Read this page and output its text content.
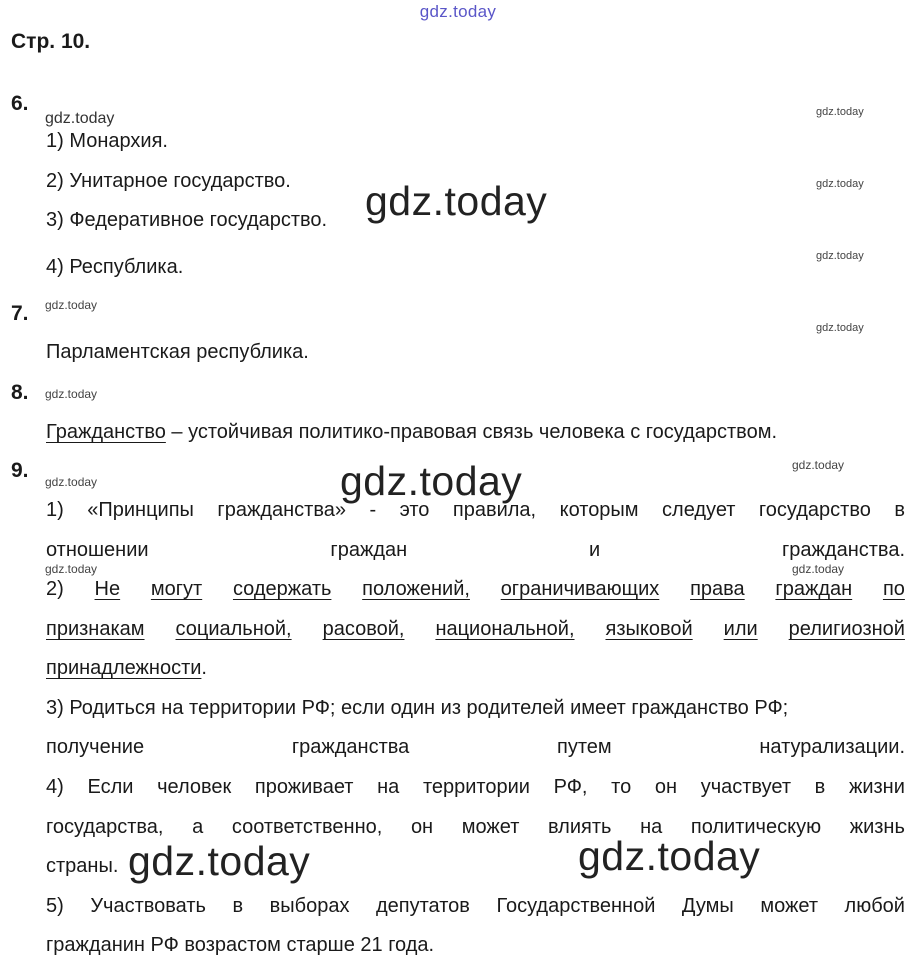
gdz.today
Стр. 10.
6.
1) Монархия.
2) Унитарное государство.
3) Федеративное государство.
4) Республика.
7.
Парламентская республика.
8.
Гражданство – устойчивая политико-правовая связь человека с государством.
9.
1) «Принципы гражданства» - это правила, которым следует государство в
отношении	граждан	и	гражданства.
2) Не могут содержать положений, ограничивающих права граждан по
признакам социальной, расовой, национальной, языковой или религиозной
принадлежности.
3) Родиться на территории РФ; если один из родителей имеет гражданство РФ;
получение	гражданства	путем	натурализации.
4) Если человек проживает на территории РФ, то он участвует в жизни
государства, а соответственно, он может влиять на политическую жизнь
страны.
5) Участвовать в выборах депутатов Государственной Думы может любой
гражданин РФ возрастом старше 21 года.
gdz.today	gdz.today
gdz.today
gdz.today
gdz.today
gdz.today
gdz.today
gdz.today
gdz.today
gdz.today
gdz.today
gdz.today	gdz.today
gdz.today	gdz.today
